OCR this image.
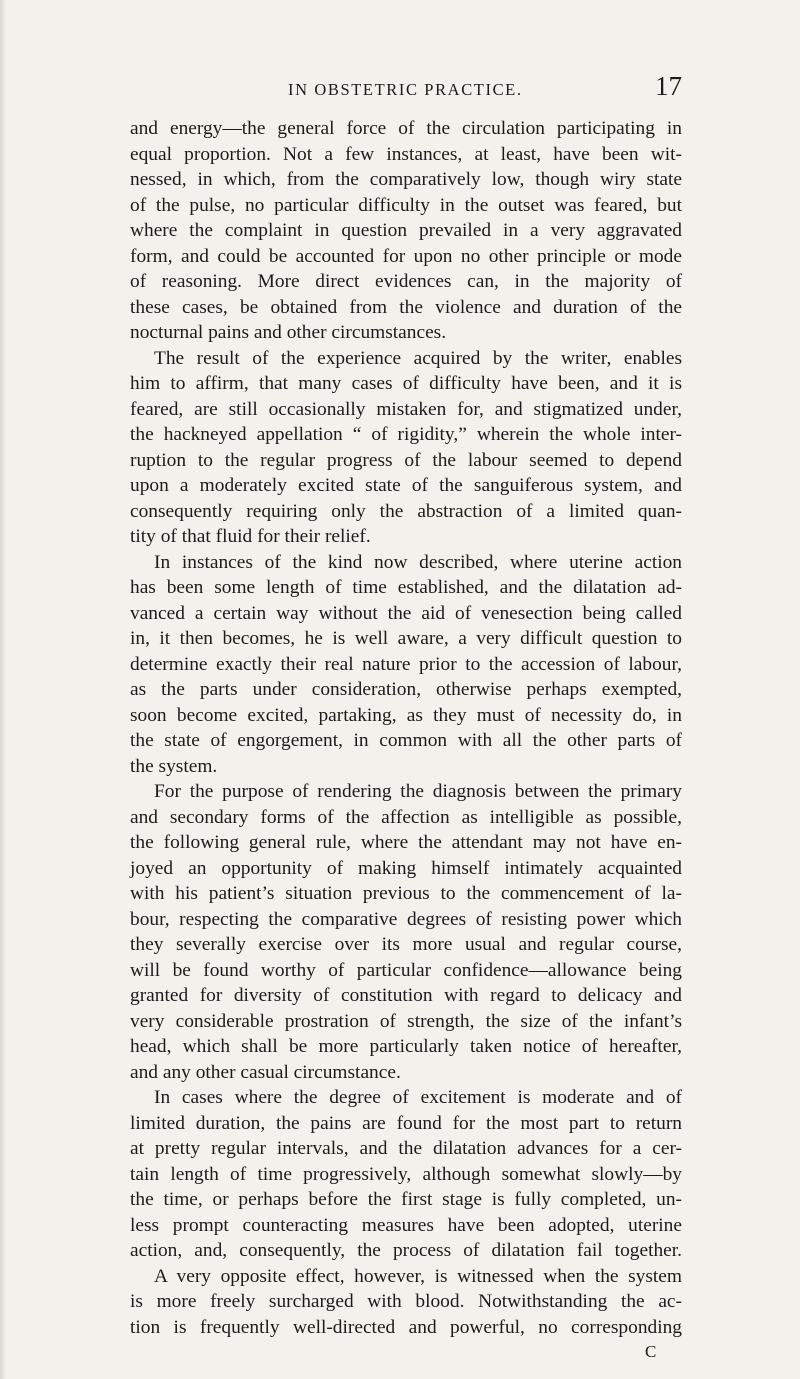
IN OBSTETRIC PRACTICE.	17
and energy—the general force of the circulation participating in
equal proportion. Not a few instances, at least, have been wit-
nessed, in which, from the comparatively low, though wiry state
of the pulse, no particular difficulty in the outset was feared, but
where the complaint in question prevailed in a very aggravated
form, and could be accounted for upon no other principle or mode
of reasoning. More direct evidences can, in the majority of
these cases, be obtained from the violence and duration of the
nocturnal pains and other circumstances.
The result of the experience acquired by the writer, enables
him to affirm, that many cases of difficulty have been, and it is
feared, are still occasionally mistaken for, and stigmatized under,
the hackneyed appellation “ of rigidity,” wherein the whole inter-
ruption to the regular progress of the labour seemed to depend
upon a moderately excited state of the sanguiferous system, and
consequently requiring only the abstraction of a limited quan-
tity of that fluid for their relief.
In instances of the kind now described, where uterine action
has been some length of time established, and the dilatation ad-
vanced a certain way without the aid of venesection being called
in, it then becomes, he is well aware, a very difficult question to
determine exactly their real nature prior to the accession of labour,
as the parts under consideration, otherwise perhaps exempted,
soon become excited, partaking, as they must of necessity do, in
the state of engorgement, in common with all the other parts of
the system.
For the purpose of rendering the diagnosis between the primary
and secondary forms of the affection as intelligible as possible,
the following general rule, where the attendant may not have en-
joyed an opportunity of making himself intimately acquainted
with his patient’s situation previous to the commencement of la-
bour, respecting the comparative degrees of resisting power which
they severally exercise over its more usual and regular course,
will be found worthy of particular confidence—allowance being
granted for diversity of constitution with regard to delicacy and
very considerable prostration of strength, the size of the infant’s
head, which shall be more particularly taken notice of hereafter,
and any other casual circumstance.
In cases where the degree of excitement is moderate and of
limited duration, the pains are found for the most part to return
at pretty regular intervals, and the dilatation advances for a cer-
tain length of time progressively, although somewhat slowly—by
the time, or perhaps before the first stage is fully completed, un-
less prompt counteracting measures have been adopted, uterine
action, and, consequently, the process of dilatation fail together.
A very opposite effect, however, is witnessed when the system
is more freely surcharged with blood. Notwithstanding the ac-
tion is frequently well-directed and powerful, no corresponding
C
